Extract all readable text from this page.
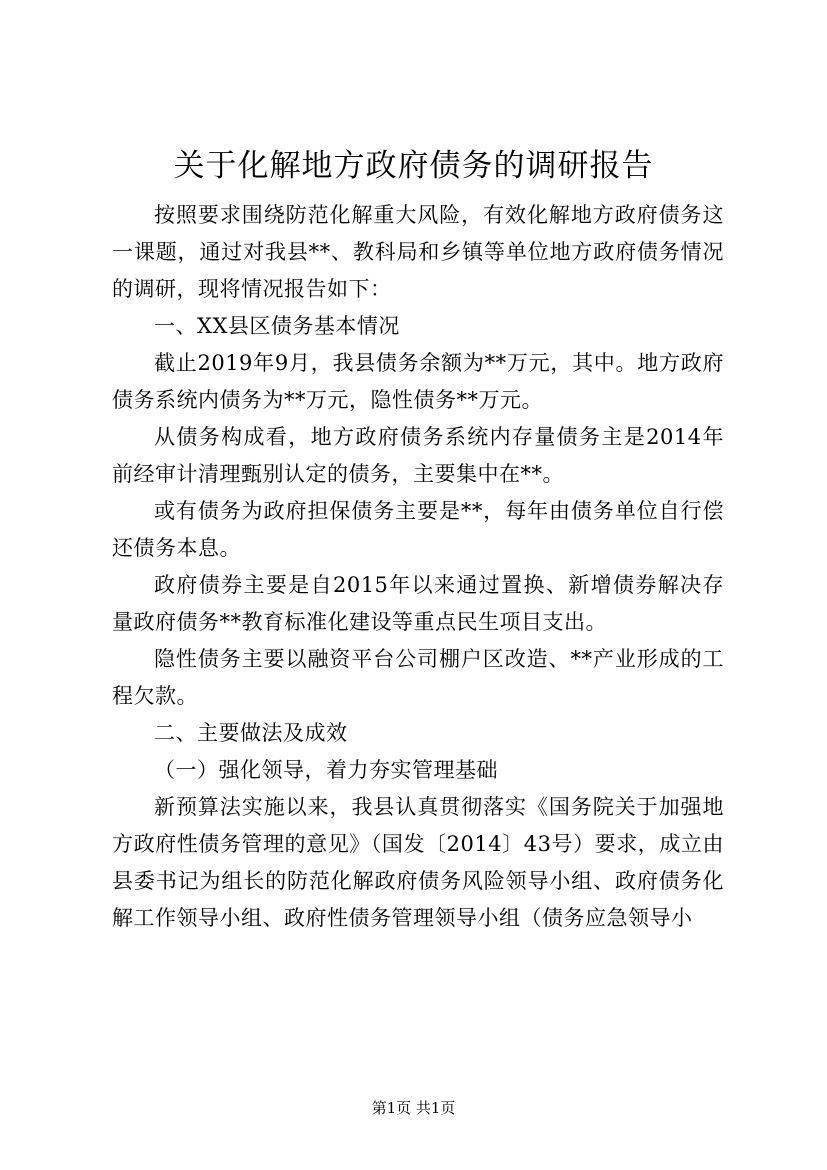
关于化解地方政府债务的调研报告

按照要求围绕防范化解重大风险，有效化解地方政府债务这一课题，通过对我县**、教科局和乡镇等单位地方政府债务情况的调研，现将情况报告如下：

一、XX县区债务基本情况

截止2019年9月，我县债务余额为**万元，其中。地方政府债务系统内债务为**万元，隐性债务**万元。

从债务构成看，地方政府债务系统内存量债务主是2014年前经审计清理甄别认定的债务，主要集中在**。

或有债务为政府担保债务主要是**，每年由债务单位自行偿还债务本息。

政府债券主要是自2015年以来通过置换、新增债券解决存量政府债务**教育标准化建设等重点民生项目支出。

隐性债务主要以融资平台公司棚户区改造、**产业形成的工程欠款。

二、主要做法及成效

（一）强化领导，着力夯实管理基础

新预算法实施以来，我县认真贯彻落实《国务院关于加强地方政府性债务管理的意见》（国发〔2014〕43号）要求，成立由县委书记为组长的防范化解政府债务风险领导小组、政府债务化解工作领导小组、政府性债务管理领导小组（债务应急领导小

第1页 共1页
